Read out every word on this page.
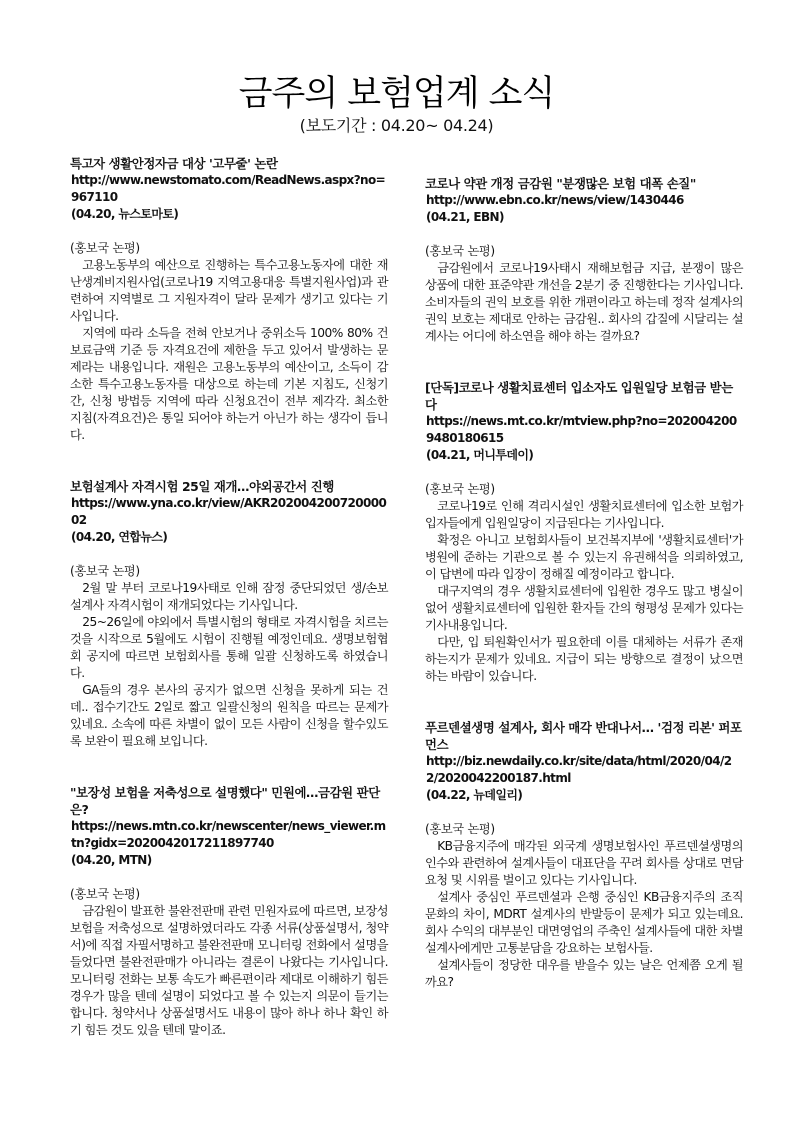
금주의 보험업계 소식
(보도기간 : 04.20~ 04.24)

특고자 생활안정자금 대상 '고무줄' 논란

http://www.newstomato.com/ReadNews.aspx?no=967110

(04.20, 뉴스토마토)

(홍보국 논평)

고용노동부의 예산으로 진행하는 특수고용노동자에 대한 재난생계비지원사업(코로나19 지역고용대응 특별지원사업)과 관련하여 지역별로 그 지원자격이 달라 문제가 생기고 있다는 기사입니다.

지역에 따라 소득을 전혀 안보거나 중위소득 100% 80% 건보료금액 기준 등 자격요건에 제한을 두고 있어서 발생하는 문제라는 내용입니다. 재원은 고용노동부의 예산이고, 소득이 감소한 특수고용노동자를 대상으로 하는데 기본 지침도, 신청기간, 신청 방법등 지역에 따라 신청요건이 전부 제각각. 최소한 지침(자격요건)은 통일 되어야 하는거 아닌가 하는 생각이 듭니다.

보험설계사 자격시험 25일 재개…야외공간서 진행

https://www.yna.co.kr/view/AKR20200420072000002

(04.20, 연합뉴스)

(홍보국 논평)

2월 말 부터 코로나19사태로 인해 잠정 중단되었던 생/손보 설계사 자격시험이 재개되었다는 기사입니다.

25~26일에 야외에서 특별시험의 형태로 자격시험을 치르는 것을 시작으로 5월에도 시험이 진행될 예정인데요. 생명보험협회 공지에 따르면 보험회사를 통해 일괄 신청하도록 하였습니다.

GA들의 경우 본사의 공지가 없으면 신청을 못하게 되는 건데.. 접수기간도 2일로 짧고 일괄신청의 원칙을 따르는 문제가 있네요. 소속에 따른 차별이 없이 모든 사람이 신청을 할수있도록 보완이 필요해 보입니다.

"보장성 보험을 저축성으로 설명했다" 민원에…금감원 판단은?

https://news.mtn.co.kr/newscenter/news_viewer.mtn?gidx=2020042017211897740

(04.20, MTN)

(홍보국 논평)

금감원이 발표한 불완전판매 관련 민원자료에 따르면, 보장성보험을 저축성으로 설명하였더라도 각종 서류(상품설명서, 청약서)에 직접 자필서명하고 불완전판매 모니터링 전화에서 설명을 들었다면 불완전판매가 아니라는 결론이 나왔다는 기사입니다. 모니터링 전화는 보통 속도가 빠른편이라 제대로 이해하기 힘든 경우가 많을 텐데 설명이 되었다고 볼 수 있는지 의문이 들기는 합니다. 청약서나 상품설명서도 내용이 많아 하나 하나 확인 하기 힘든 것도 있을 텐데 말이죠.

코로나 약관 개정 금감원 "분쟁많은 보험 대폭 손질"

http://www.ebn.co.kr/news/view/1430446

(04.21, EBN)

(홍보국 논평)

금감원에서 코로나19사태시 재해보험금 지급, 분쟁이 많은 상품에 대한 표준약관 개선을 2분기 중 진행한다는 기사입니다. 소비자들의 권익 보호를 위한 개편이라고 하는데 정작 설계사의 권익 보호는 제대로 안하는 금감원.. 회사의 갑질에 시달리는 설계사는 어디에 하소연을 해야 하는 걸까요?

[단독]코로나 생활치료센터 입소자도 입원일당 보험금 받는다

https://news.mt.co.kr/mtview.php?no=2020042009480180615

(04.21, 머니투데이)

(홍보국 논평)

코로나19로 인해 격리시설인 생활치료센터에 입소한 보험가입자들에게 입원일당이 지급된다는 기사입니다.

확정은 아니고 보험회사들이 보건복지부에 '생활치료센터'가 병원에 준하는 기관으로 볼 수 있는지 유권해석을 의뢰하였고, 이 답변에 따라 입장이 정해질 예정이라고 합니다.

대구지역의 경우 생활치료센터에 입원한 경우도 많고 병실이 없어 생활치료센터에 입원한 환자들 간의 형평성 문제가 있다는 기사내용입니다.

다만, 입 퇴원확인서가 필요한데 이를 대체하는 서류가 존재하는지가 문제가 있네요. 지급이 되는 방향으로 결정이 났으면 하는 바람이 있습니다.

푸르덴셜생명 설계사, 회사 매각 반대나서… '검정 리본' 퍼포먼스

http://biz.newdaily.co.kr/site/data/html/2020/04/22/2020042200187.html

(04.22, 뉴데일리)

(홍보국 논평)

KB금융지주에 매각된 외국계 생명보험사인 푸르덴셜생명의 인수와 관련하여 설계사들이 대표단을 꾸려 회사를 상대로 면담요청 및 시위를 벌이고 있다는 기사입니다.

설계사 중심인 푸르덴셜과 은행 중심인 KB금융지주의 조직문화의 차이, MDRT 설계사의 반발등이 문제가 되고 있는데요. 회사 수익의 대부분인 대면영업의 주축인 설계사들에 대한 차별 설계사에게만 고통분담을 강요하는 보험사들.

설계사들이 정당한 대우를 받을수 있는 날은 언제쯤 오게 될까요?
